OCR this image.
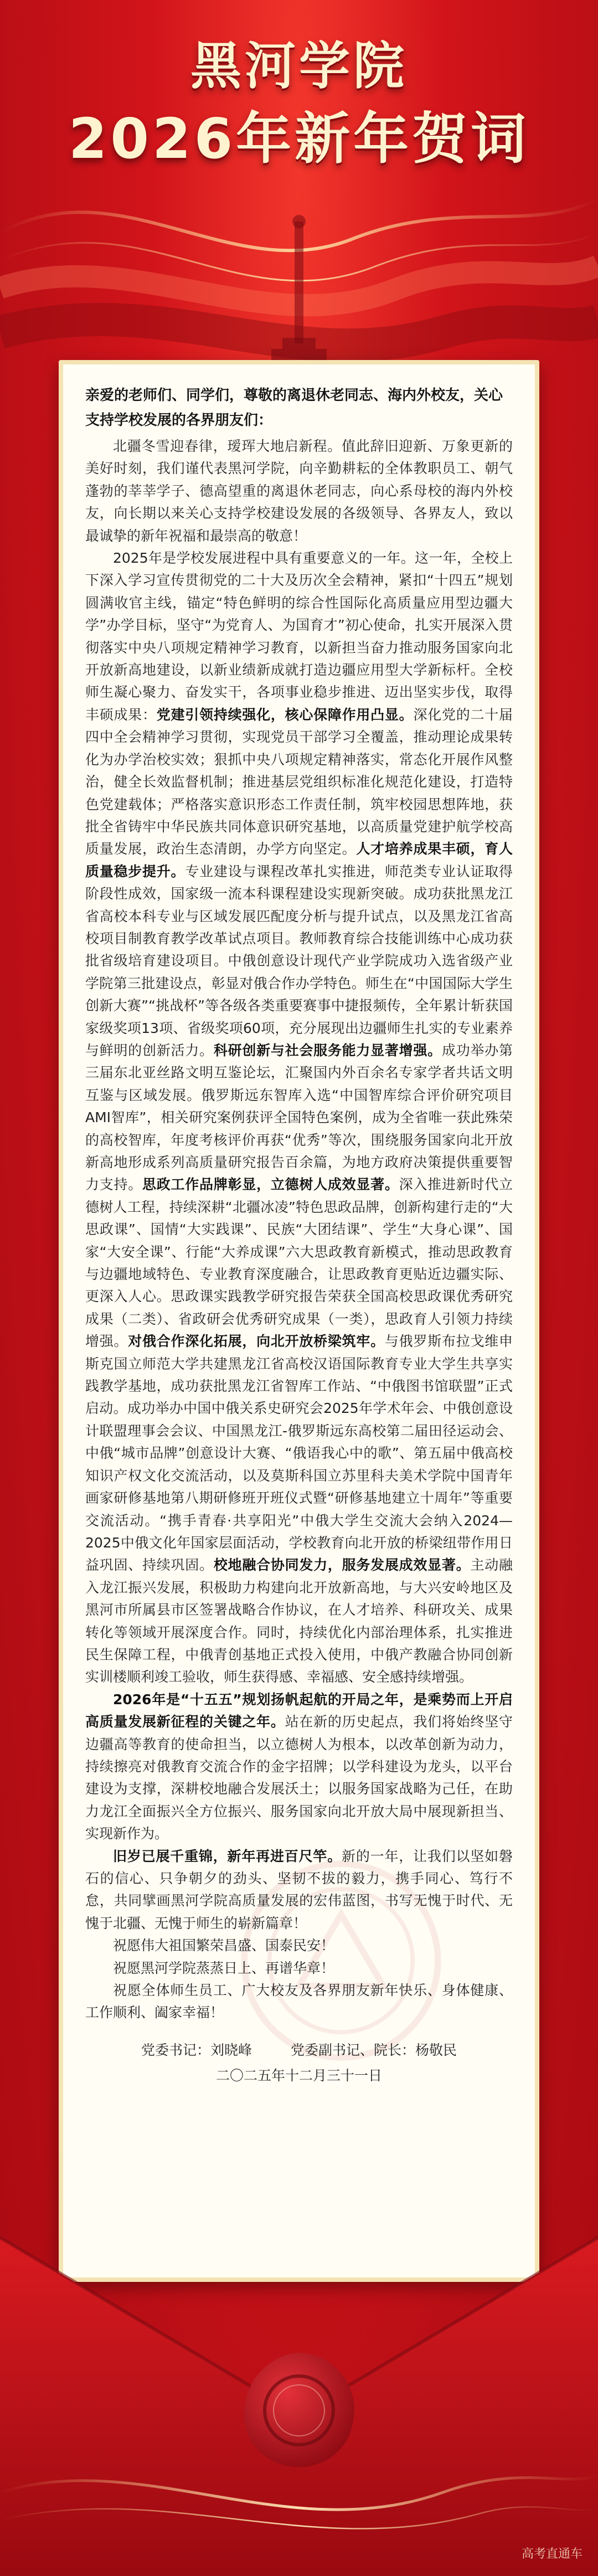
黑河学院
2026年新年贺词

亲爱的老师们、同学们，尊敬的离退休老同志、海内外校友，关心支持学校发展的各界朋友们：

北疆冬雪迎春律，瑷珲大地启新程。值此辞旧迎新、万象更新的美好时刻，我们谨代表黑河学院，向辛勤耕耘的全体教职员工、朝气蓬勃的莘莘学子、德高望重的离退休老同志，向心系母校的海内外校友，向长期以来关心支持学校建设发展的各级领导、各界友人，致以最诚挚的新年祝福和最崇高的敬意！

2025年是学校发展进程中具有重要意义的一年。这一年，全校上下深入学习宣传贯彻党的二十大及历次全会精神，紧扣“十四五”规划圆满收官主线，锚定“特色鲜明的综合性国际化高质量应用型边疆大学”办学目标，坚守“为党育人、为国育才”初心使命，扎实开展深入贯彻落实中央八项规定精神学习教育，以新担当奋力推动服务国家向北开放新高地建设，以新业绩新成就打造边疆应用型大学新标杆。全校师生凝心聚力、奋发实干，各项事业稳步推进、迈出坚实步伐，取得丰硕成果：党建引领持续强化，核心保障作用凸显。深化党的二十届四中全会精神学习贯彻，实现党员干部学习全覆盖，推动理论成果转化为办学治校实效；狠抓中央八项规定精神落实，常态化开展作风整治，健全长效监督机制；推进基层党组织标准化规范化建设，打造特色党建载体；严格落实意识形态工作责任制，筑牢校园思想阵地，获批全省铸牢中华民族共同体意识研究基地，以高质量党建护航学校高质量发展，政治生态清朗，办学方向坚定。人才培养成果丰硕，育人质量稳步提升。专业建设与课程改革扎实推进，师范类专业认证取得阶段性成效，国家级一流本科课程建设实现新突破。成功获批黑龙江省高校本科专业与区域发展匹配度分析与提升试点，以及黑龙江省高校项目制教育教学改革试点项目。教师教育综合技能训练中心成功获批省级培育建设项目。中俄创意设计现代产业学院成功入选省级产业学院第三批建设点，彰显对俄合作办学特色。师生在“中国国际大学生创新大赛”“挑战杯”等各级各类重要赛事中捷报频传，全年累计斩获国家级奖项13项、省级奖项60项，充分展现出边疆师生扎实的专业素养与鲜明的创新活力。科研创新与社会服务能力显著增强。成功举办第三届东北亚丝路文明互鉴论坛，汇聚国内外百余名专家学者共话文明互鉴与区域发展。俄罗斯远东智库入选“中国智库综合评价研究项目AMI智库”，相关研究案例获评全国特色案例，成为全省唯一获此殊荣的高校智库，年度考核评价再获“优秀”等次，围绕服务国家向北开放新高地形成系列高质量研究报告百余篇，为地方政府决策提供重要智力支持。思政工作品牌彰显，立德树人成效显著。深入推进新时代立德树人工程，持续深耕“北疆冰凌”特色思政品牌，创新构建行走的“大思政课”、国情“大实践课”、民族“大团结课”、学生“大身心课”、国家“大安全课”、行能“大养成课”六大思政教育新模式，推动思政教育与边疆地域特色、专业教育深度融合，让思政教育更贴近边疆实际、更深入人心。思政课实践教学研究报告荣获全国高校思政课优秀研究成果（二类）、省政研会优秀研究成果（一类），思政育人引领力持续增强。对俄合作深化拓展，向北开放桥梁筑牢。与俄罗斯布拉戈维申斯克国立师范大学共建黑龙江省高校汉语国际教育专业大学生共享实践教学基地，成功获批黑龙江省智库工作站、“中俄图书馆联盟”正式启动。成功举办中国中俄关系史研究会2025年学术年会、中俄创意设计联盟理事会会议、中国黑龙江-俄罗斯远东高校第二届田径运动会、中俄“城市品牌”创意设计大赛、“俄语我心中的歌”、第五届中俄高校知识产权文化交流活动，以及莫斯科国立苏里科夫美术学院中国青年画家研修基地第八期研修班开班仪式暨“研修基地建立十周年”等重要交流活动。“携手青春·共享阳光”中俄大学生交流大会纳入2024—2025中俄文化年国家层面活动，学校教育向北开放的桥梁纽带作用日益巩固、持续巩固。校地融合协同发力，服务发展成效显著。主动融入龙江振兴发展，积极助力构建向北开放新高地，与大兴安岭地区及黑河市所属县市区签署战略合作协议，在人才培养、科研攻关、成果转化等领域开展深度合作。同时，持续优化内部治理体系，扎实推进民生保障工程，中俄青创基地正式投入使用，中俄产教融合协同创新实训楼顺利竣工验收，师生获得感、幸福感、安全感持续增强。

2026年是“十五五”规划扬帆起航的开局之年，是乘势而上开启高质量发展新征程的关键之年。站在新的历史起点，我们将始终坚守边疆高等教育的使命担当，以立德树人为根本，以改革创新为动力，持续擦亮对俄教育交流合作的金字招牌；以学科建设为龙头，以平台建设为支撑，深耕校地融合发展沃土；以服务国家战略为己任，在助力龙江全面振兴全方位振兴、服务国家向北开放大局中展现新担当、实现新作为。

旧岁已展千重锦，新年再进百尺竿。新的一年，让我们以坚如磐石的信心、只争朝夕的劲头、坚韧不拔的毅力，携手同心、笃行不怠，共同擘画黑河学院高质量发展的宏伟蓝图，书写无愧于时代、无愧于北疆、无愧于师生的崭新篇章！

祝愿伟大祖国繁荣昌盛、国泰民安！

祝愿黑河学院蒸蒸日上、再谱华章！

祝愿全体师生员工、广大校友及各界朋友新年快乐、身体健康、工作顺利、阖家幸福！

党委书记：刘晓峰	党委副书记、院长：杨敬民
二〇二五年十二月三十一日
高考直通车
